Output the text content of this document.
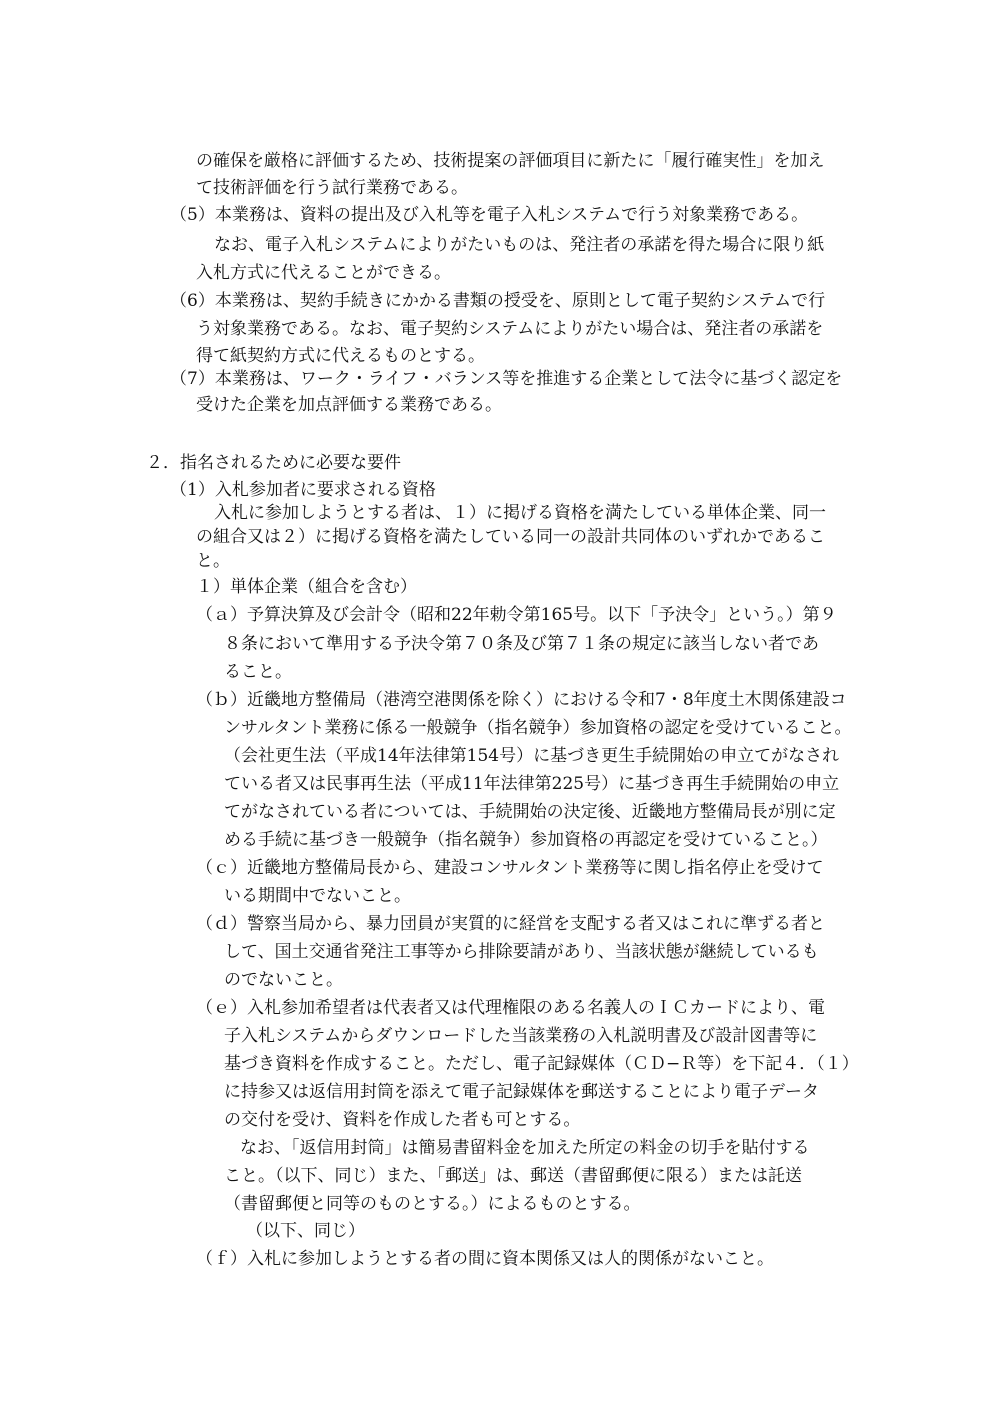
の確保を厳格に評価するため、技術提案の評価項目に新たに「履行確実性」を加え
て技術評価を行う試行業務である。
（5）本業務は、資料の提出及び入札等を電子入札システムで行う対象業務である。
なお、電子入札システムによりがたいものは、発注者の承諾を得た場合に限り紙
入札方式に代えることができる。
（6）本業務は、契約手続きにかかる書類の授受を、原則として電子契約システムで行
う対象業務である。なお、電子契約システムによりがたい場合は、発注者の承諾を
得て紙契約方式に代えるものとする。
（7）本業務は、ワーク・ライフ・バランス等を推進する企業として法令に基づく認定を
受けた企業を加点評価する業務である。
２．指名されるために必要な要件
（1）入札参加者に要求される資格
入札に参加しようとする者は、１）に掲げる資格を満たしている単体企業、同一
の組合又は２）に掲げる資格を満たしている同一の設計共同体のいずれかであるこ
と。
１）単体企業（組合を含む）
（ａ）予算決算及び会計令（昭和22年勅令第165号。以下「予決令」という。）第９
８条において準用する予決令第７０条及び第７１条の規定に該当しない者であ
ること。
（ｂ）近畿地方整備局（港湾空港関係を除く）における令和7・8年度土木関係建設コ
ンサルタント業務に係る一般競争（指名競争）参加資格の認定を受けていること。
（会社更生法（平成14年法律第154号）に基づき更生手続開始の申立てがなされ
ている者又は民事再生法（平成11年法律第225号）に基づき再生手続開始の申立
てがなされている者については、手続開始の決定後、近畿地方整備局長が別に定
める手続に基づき一般競争（指名競争）参加資格の再認定を受けていること。）
（ｃ）近畿地方整備局長から、建設コンサルタント業務等に関し指名停止を受けて
いる期間中でないこと。
（ｄ）警察当局から、暴力団員が実質的に経営を支配する者又はこれに準ずる者と
して、国土交通省発注工事等から排除要請があり、当該状態が継続しているも
のでないこと。
（ｅ）入札参加希望者は代表者又は代理権限のある名義人のＩＣカードにより、電
子入札システムからダウンロードした当該業務の入札説明書及び設計図書等に
基づき資料を作成すること。ただし、電子記録媒体（ＣＤ−Ｒ等）を下記４．（１）
に持参又は返信用封筒を添えて電子記録媒体を郵送することにより電子データ
の交付を受け、資料を作成した者も可とする。
なお、「返信用封筒」は簡易書留料金を加えた所定の料金の切手を貼付する
こと。（以下、同じ）また、「郵送」は、郵送（書留郵便に限る）または託送
（書留郵便と同等のものとする。）によるものとする。
（以下、同じ）
（ｆ）入札に参加しようとする者の間に資本関係又は人的関係がないこと。
